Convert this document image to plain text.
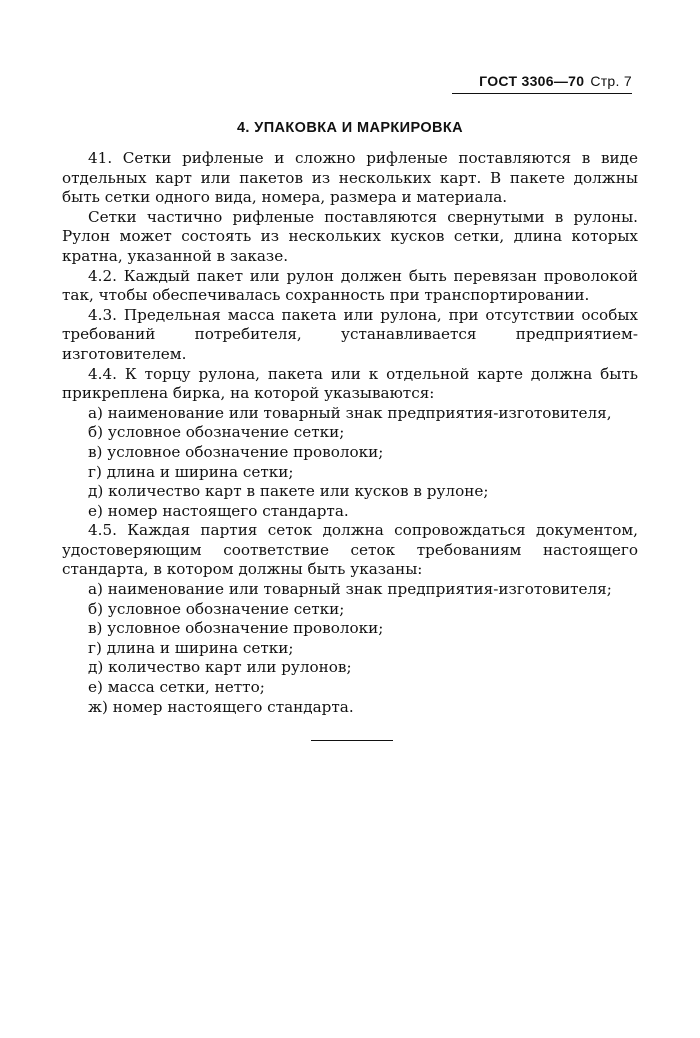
ГОСТ 3306—70 Стр. 7
4. УПАКОВКА И МАРКИРОВКА

41. Сетки рифленые и сложно рифленые поставляются в виде отдельных карт или пакетов из нескольких карт. В пакете должны быть сетки одного вида, номера, размера и материала.

Сетки частично рифленые поставляются свернутыми в рулоны. Рулон может состоять из нескольких кусков сетки, длина которых кратна, указанной в заказе.

4.2. Каждый пакет или рулон должен быть перевязан проволокой так, чтобы обеспечивалась сохранность при транспортировании.

4.3. Предельная масса пакета или рулона, при отсутствии особых требований потребителя, устанавливается предприятием-изготовителем.

4.4. К торцу рулона, пакета или к отдельной карте должна быть прикреплена бирка, на которой указываются:

а) наименование или товарный знак предприятия-изготовителя,

б) условное обозначение сетки;

в) условное обозначение проволоки;

г) длина и ширина сетки;

д) количество карт в пакете или кусков в рулоне;

е) номер настоящего стандарта.

4.5. Каждая партия сеток должна сопровождаться документом, удостоверяющим соответствие сеток требованиям настоящего стандарта, в котором должны быть указаны:

а) наименование или товарный знак предприятия-изготовителя;

б) условное обозначение сетки;

в) условное обозначение проволоки;

г) длина и ширина сетки;

д) количество карт или рулонов;

е) масса сетки, нетто;

ж) номер настоящего стандарта.
